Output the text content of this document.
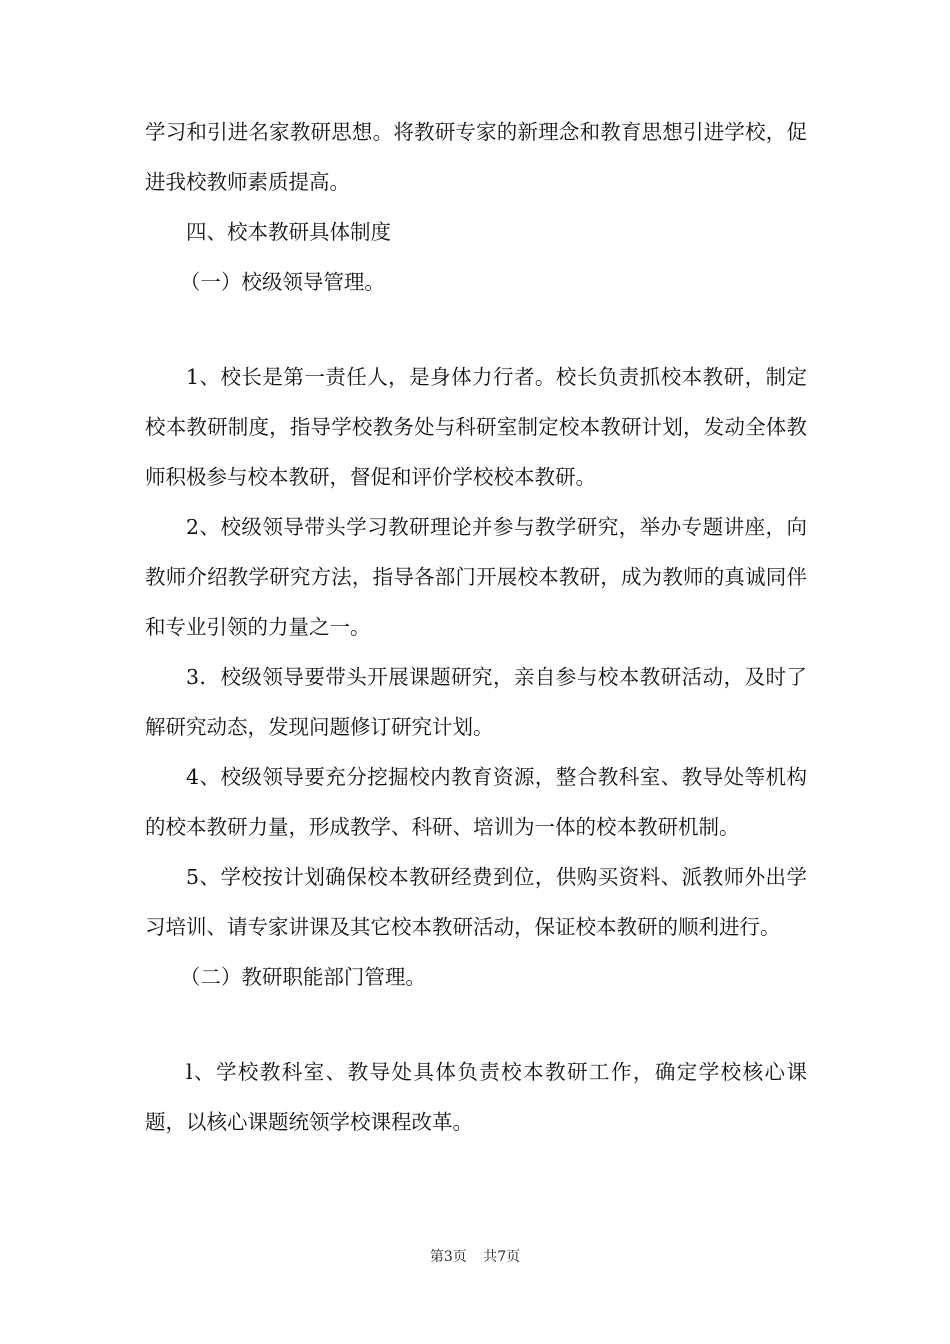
学习和引进名家教研思想。将教研专家的新理念和教育思想引进学校，促进我校教师素质提高。

四、校本教研具体制度

（一）校级领导管理。

1、校长是第一责任人，是身体力行者。校长负责抓校本教研，制定校本教研制度，指导学校教务处与科研室制定校本教研计划，发动全体教师积极参与校本教研，督促和评价学校校本教研。

2、校级领导带头学习教研理论并参与教学研究，举办专题讲座，向教师介绍教学研究方法，指导各部门开展校本教研，成为教师的真诚同伴和专业引领的力量之一。

3．校级领导要带头开展课题研究，亲自参与校本教研活动，及时了解研究动态，发现问题修订研究计划。

4、校级领导要充分挖掘校内教育资源，整合教科室、教导处等机构的校本教研力量，形成教学、科研、培训为一体的校本教研机制。

5、学校按计划确保校本教研经费到位，供购买资料、派教师外出学习培训、请专家讲课及其它校本教研活动，保证校本教研的顺利进行。

（二）教研职能部门管理。

l、学校教科室、教导处具体负责校本教研工作，确定学校核心课题，以核心课题统领学校课程改革。

第3页 共7页
